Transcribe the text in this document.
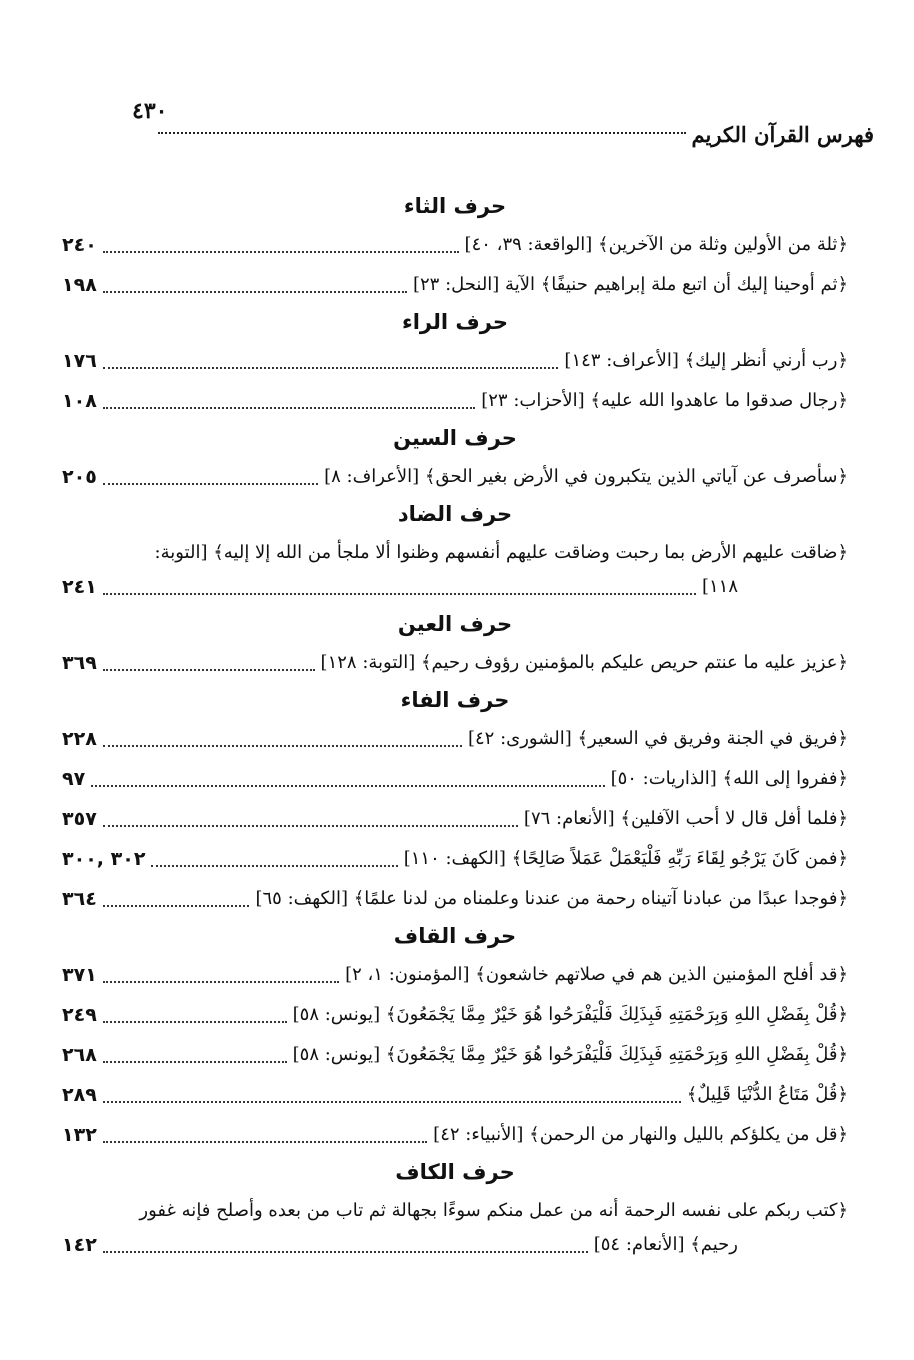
فهرس القرآن الكريم
٤٣٠
حرف الثاء
﴿ثلة من الأولين وثلة من الآخرين﴾ [الواقعة: ٣٩، ٤٠]
٢٤٠
﴿ثم أوحينا إليك أن اتبع ملة إبراهيم حنيفًا﴾ الآية [النحل: ٢٣]
١٩٨
حرف الراء
﴿رب أرني أنظر إليك﴾ [الأعراف: ١٤٣]
١٧٦
﴿رجال صدقوا ما عاهدوا الله عليه﴾ [الأحزاب: ٢٣]
١٠٨
حرف السين
﴿سأصرف عن آياتي الذين يتكبرون في الأرض بغير الحق﴾ [الأعراف: ٨]
٢٠٥
حرف الضاد
﴿ضاقت عليهم الأرض بما رحبت وضاقت عليهم أنفسهم وظنوا ألا ملجأ من الله إلا إليه﴾ [التوبة:
١١٨]
٢٤١
حرف العين
﴿عزيز عليه ما عنتم حريص عليكم بالمؤمنين رؤوف رحيم﴾ [التوبة: ١٢٨]
٣٦٩
حرف الفاء
﴿فريق في الجنة وفريق في السعير﴾ [الشورى: ٤٢]
٢٢٨
﴿ففروا إلى الله﴾ [الذاريات: ٥٠]
٩٧
﴿فلما أفل قال لا أحب الآفلين﴾ [الأنعام: ٧٦]
٣٥٧
﴿فمن كَانَ يَرْجُو لِقَاءَ رَبِّهِ فَلْيَعْمَلْ عَمَلاً صَالِحًا﴾ [الكهف: ١١٠]
٣٠٢ ,٣٠٠
﴿فوجدا عبدًا من عبادنا آتيناه رحمة من عندنا وعلمناه من لدنا علمًا﴾ [الكهف: ٦٥]
٣٦٤
حرف القاف
﴿قد أفلح المؤمنين الذين هم في صلاتهم خاشعون﴾ [المؤمنون: ١، ٢]
٣٧١
﴿قُلْ بِفَضْلِ اللهِ وَبِرَحْمَتِهِ فَبِذَلِكَ فَلْيَفْرَحُوا هُوَ خَيْرٌ مِمَّا يَجْمَعُونَ﴾ [يونس: ٥٨]
٢٤٩
﴿قُلْ بِفَضْلِ اللهِ وَبِرَحْمَتِهِ فَبِذَلِكَ فَلْيَفْرَحُوا هُوَ خَيْرٌ مِمَّا يَجْمَعُونَ﴾ [يونس: ٥٨]
٢٦٨
﴿قُلْ مَتَاعُ الدُّنْيَا قَلِيلٌ﴾
٢٨٩
﴿قل من يكلؤكم بالليل والنهار من الرحمن﴾ [الأنبياء: ٤٢]
١٣٢
حرف الكاف
﴿كتب ربكم على نفسه الرحمة أنه من عمل منكم سوءًا بجهالة ثم تاب من بعده وأصلح فإنه غفور
رحيم﴾ [الأنعام: ٥٤]
١٤٢
